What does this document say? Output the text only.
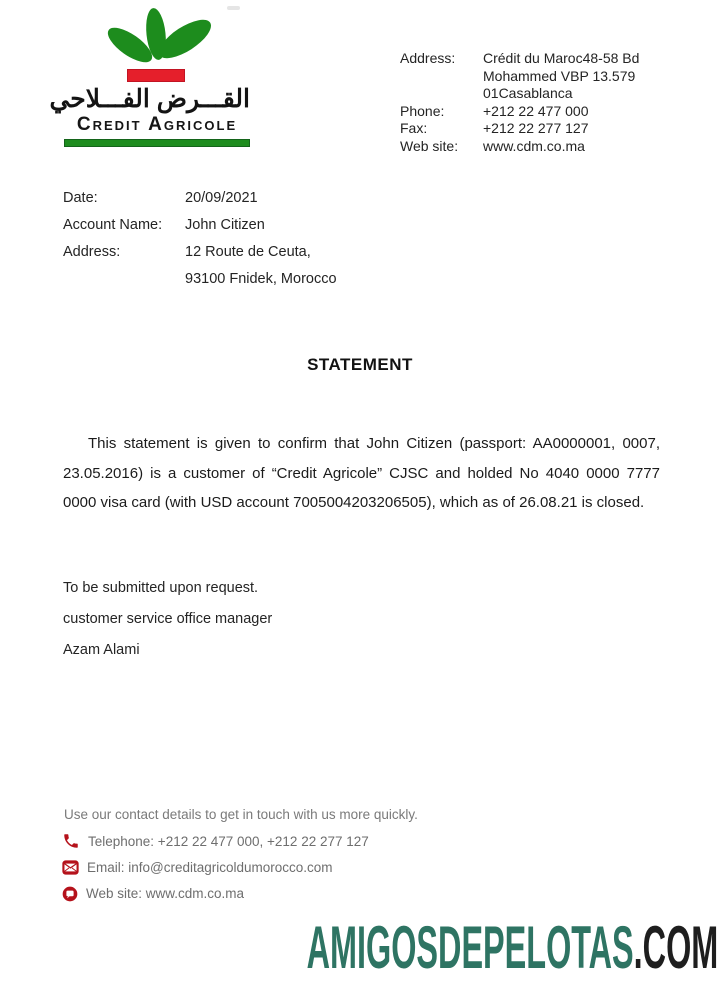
القـــرض الفـــلاحي
Credit Agricole
Address:	Crédit du Maroc48-58 Bd
Mohammed VBP 13.579
01Casablanca
Phone:	+212 22 477 000
Fax:	+212 22 277 127
Web site:	www.cdm.co.ma
Date:	20/09/2021
Account Name:	John Citizen
Address:	12 Route de Ceuta,
93100 Fnidek, Morocco
STATEMENT
This statement is given to confirm that John Citizen (passport: AA0000001, 0007, 23.05.2016) is a customer of “Credit Agricole” CJSC and holded No 4040 0000 7777 0000 visa card (with USD account 7005004203206505), which as of 26.08.21 is closed.
To be submitted upon request.
customer service office manager
Azam Alami
Use our contact details to get in touch with us more quickly.
Telephone: +212 22 477 000, +212 22 277 127
Email: info@creditagricoldumorocco.com
Web site: www.cdm.co.ma
AMIGOSDEPELOTAS.COM
